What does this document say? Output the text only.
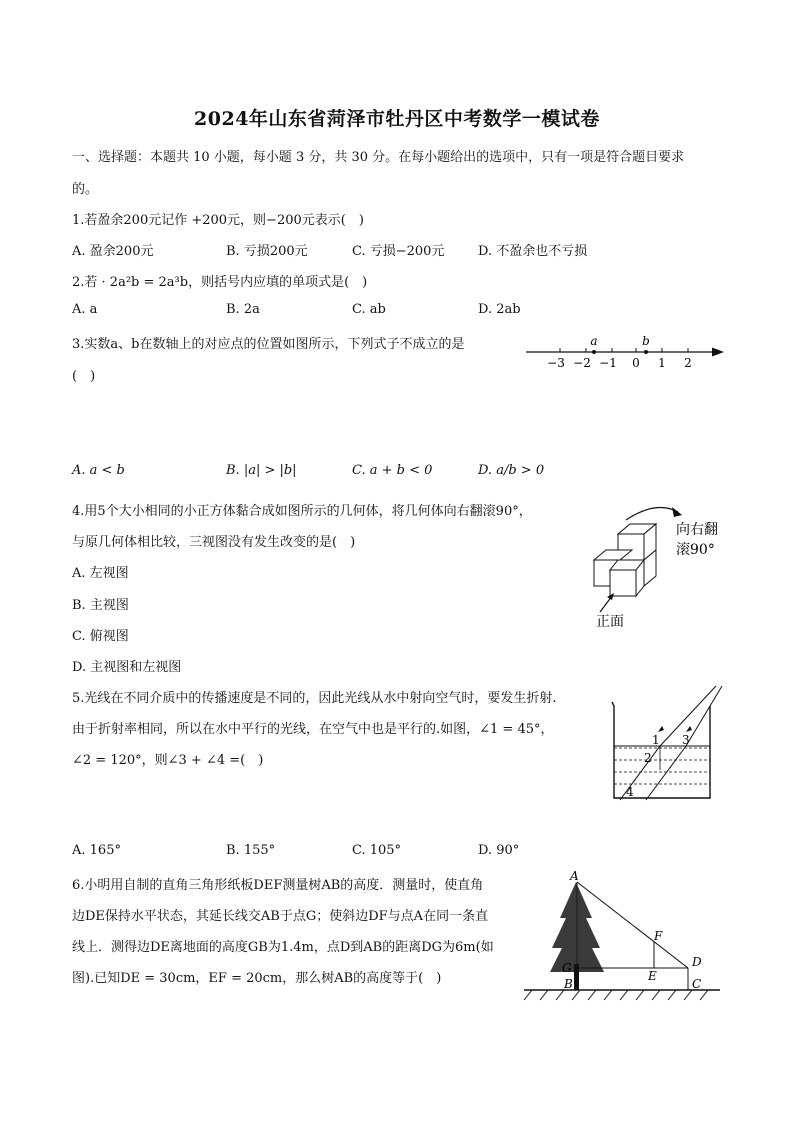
2024年山东省菏泽市牡丹区中考数学一模试卷
一、选择题：本题共 10 小题，每小题 3 分，共 30 分。在每小题给出的选项中，只有一项是符合题目要求
的。
1.若盈余200元记作 +200元，则−200元表示(　)
A. 盈余200元	B. 亏损200元	C. 亏损−200元	D. 不盈余也不亏损
2.若 · 2a²b = 2a³b，则括号内应填的单项式是(　)
A. a	B. 2a	C. ab	D. 2ab
3.实数a、b在数轴上的对应点的位置如图所示，下列式子不成立的是
(　)
−3 −2 −1 0 1 2
a	b
A. a < b	B. |a| > |b|	C. a + b < 0	D. a/b > 0
4.用5个大小相同的小正方体黏合成如图所示的几何体，将几何体向右翻滚90°，
与原几何体相比较，三视图没有发生改变的是(　)
A. 左视图
B. 主视图
C. 俯视图
D. 主视图和左视图
向右翻
滚90°
正面
5.光线在不同介质中的传播速度是不同的，因此光线从水中射向空气时，要发生折射.
由于折射率相同，所以在水中平行的光线，在空气中也是平行的.如图，∠1 = 45°，
∠2 = 120°，则∠3 + ∠4 =(　)
1
2
3
4
A. 165°	B. 155°	C. 105°	D. 90°
6.小明用自制的直角三角形纸板DEF测量树AB的高度．测量时，使直角
边DE保持水平状态，其延长线交AB于点G；使斜边DF与点A在同一条直
线上．测得边DE离地面的高度GB为1.4m，点D到AB的距离DG为6m(如
图).已知DE = 30cm，EF = 20cm，那么树AB的高度等于(　)
A
F
D
G
E
B	C
